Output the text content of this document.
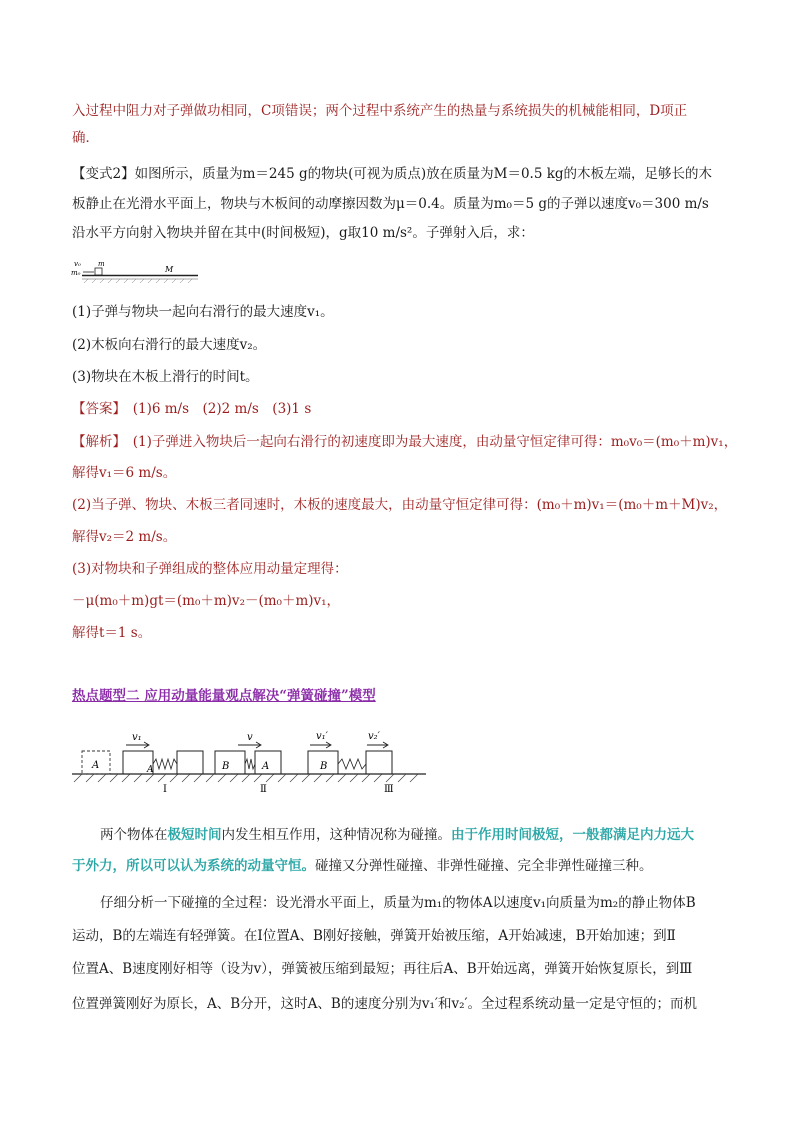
入过程中阻力对子弹做功相同，C项错误；两个过程中系统产生的热量与系统损失的机械能相同，D项正
确．
【变式2】如图所示，质量为m＝245 g的物块(可视为质点)放在质量为M＝0.5 kg的木板左端，足够长的木
板静止在光滑水平面上，物块与木板间的动摩擦因数为μ＝0.4。质量为m₀＝5 g的子弹以速度v₀＝300 m/s
沿水平方向射入物块并留在其中(时间极短)，g取10 m/s²。子弹射入后，求：
v₀ m
m₀	M
(1)子弹与物块一起向右滑行的最大速度v₁。
(2)木板向右滑行的最大速度v₂。
(3)物块在木板上滑行的时间t。
【答案】　 (1)6 m/s　(2)2 m/s　(3)1 s
【解析】　 (1)子弹进入物块后一起向右滑行的初速度即为最大速度，由动量守恒定律可得：m₀v₀＝(m₀＋m)v₁，
解得v₁＝6 m/s。
(2)当子弹、物块、木板三者同速时，木板的速度最大，由动量守恒定律可得：(m₀＋m)v₁＝(m₀＋m＋M)v₂，
解得v₂＝2 m/s。
(3)对物块和子弹组成的整体应用动量定理得：
－μ(m₀＋m)gt＝(m₀＋m)v₂－(m₀＋m)v₁，
解得t＝1 s。
热点题型二 应用动量能量观点解决“弹簧碰撞”模型
A	A
v₁
Ⅰ
B	A
v
Ⅱ
B
v₁′	v₂′
Ⅲ
两个物体在极短时间内发生相互作用，这种情况称为碰撞。由于作用时间极短，一般都满足内力远大
于外力，所以可以认为系统的动量守恒。碰撞又分弹性碰撞、非弹性碰撞、完全非弹性碰撞三种。
仔细分析一下碰撞的全过程：设光滑水平面上，质量为m₁的物体A以速度v₁向质量为m₂的静止物体B
运动，B的左端连有轻弹簧。在Ⅰ位置A、B刚好接触，弹簧开始被压缩，A开始减速，B开始加速；到Ⅱ
位置A、B速度刚好相等（设为v），弹簧被压缩到最短；再往后A、B开始远离，弹簧开始恢复原长，到Ⅲ
位置弹簧刚好为原长，A、B分开，这时A、B的速度分别为v₁′和v₂′。全过程系统动量一定是守恒的；而机
